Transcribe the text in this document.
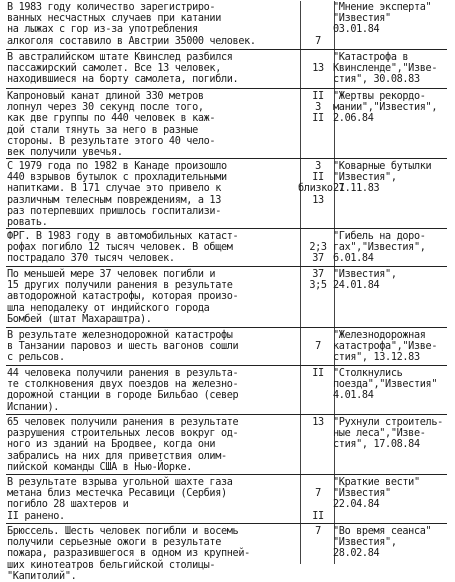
В 1983 году количество зарегистриро-
ванных несчастных случаев при катании
на лыжах с гор из-за употребления
алкоголя составило в Австрии 35000 человек.	

7
"Мнение эксперта"
"Известия"
03.01.84
В австралийском штате Квинслед разбился
пассажирский самолет. Все 13 человек,
находившиеся на борту самолета, погибли.

13
"Катастрофа в
Квинсленде","Изве-
стия", 30.08.83
Капроновый канат длиной 330 метров
лопнул через 30 секунд после того,
как две группы по 440 человек в каж-
дой стали тянуть за него в разные
стороны. В результате этого 40 чело-
век получили увечья.
II
3
II
"Жертвы рекордо-
мании","Известия",
2.06.84
С 1979 года по 1982 в Канаде произошло
440 взрывов бутылок с прохладительными
напитками. В 171 случае это привело к
различным телесным повреждениям, а 13
раз потерпевших пришлось госпитализи-
ровать.
3
II
близко 7
13
"Коварные бутылки
"Известия",
21.11.83
ФРГ. В 1983 году в автомобильных катаст-
рофах погибло 12 тысяч человек. В общем
пострадало 370 тысяч человек.

2;3
37
"Гибель на доро-
гах","Известия",
6.01.84
По меньшей мере 37 человек погибли и
15 других получили ранения в результате
автодорожной катастрофы, которая произо-
шла неподалеку от индийского города
Бомбей (штат Махараштра).
37
3;5
"Известия",
24.01.84
В результате железнодорожной катастрофы
в Танзании паровоз и шесть вагонов сошли
с рельсов.

7
"Железнодорожная
катастрофа","Изве-
стия", 13.12.83
44 человека получили ранения в результа-
те столкновения двух поездов на железно-
дорожной станции в городе Бильбао (север
Испании).
II "Столкнулись
поезда","Известия"
4.01.84
65 человек получили ранения в результате
разрушения строительных лесов вокруг од-
ного из зданий на Бродвее, когда они
забрались на них для приветствия олим-
пийской команды США в Нью-Йорке.
13 "Рухнули строитель-
ные леса","Изве-
стия", 17.08.84
В результате взрыва угольной шахте газа
метана близ местечка Ресавици (Сербия)
погибло 28 шахтеров и
II ранено.

7

II
"Краткие вести"
"Известия"
22.04.84
Брюссель. Шесть человек погибли и восемь
получили серьезные ожоги в результате
пожара, разразившегося в одном из крупней-
ших кинотеатров бельгийской столицы-
"Капитолий".
7	"Во время сеанса"
"Известия",
28.02.84
